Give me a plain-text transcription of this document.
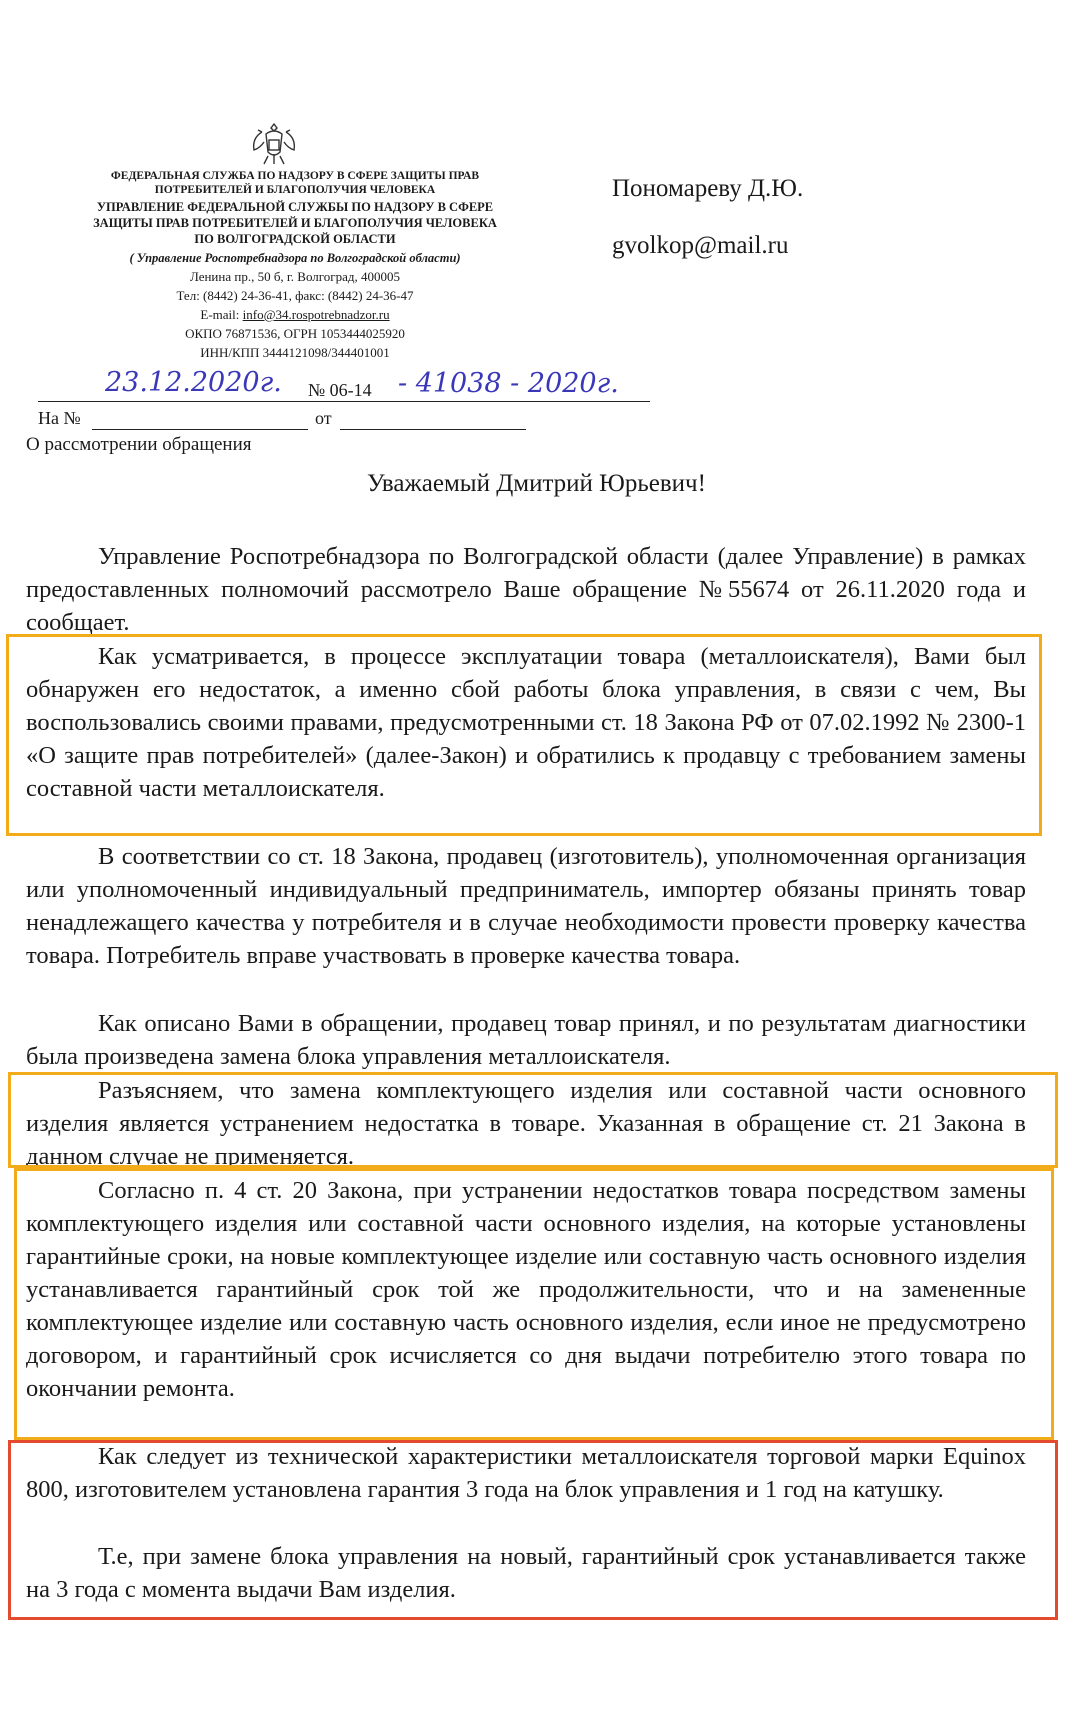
ФЕДЕРАЛЬНАЯ СЛУЖБА ПО НАДЗОРУ В СФЕРЕ ЗАЩИТЫ ПРАВ
ПОТРЕБИТЕЛЕЙ И БЛАГОПОЛУЧИЯ ЧЕЛОВЕКА
УПРАВЛЕНИЕ ФЕДЕРАЛЬНОЙ СЛУЖБЫ ПО НАДЗОРУ В СФЕРЕ
ЗАЩИТЫ ПРАВ ПОТРЕБИТЕЛЕЙ И БЛАГОПОЛУЧИЯ ЧЕЛОВЕКА
ПО ВОЛГОГРАДСКОЙ ОБЛАСТИ
( Управление Роспотребнадзора по Волгоградской области)
Ленина пр., 50 б, г. Волгоград, 400005
Тел: (8442) 24-36-41, факс: (8442) 24-36-47
E-mail: info@34.rospotrebnadzor.ru
ОКПО 76871536, ОГРН 1053444025920
ИНН/КПП 3444121098/344401001
Пономареву Д.Ю.
gvolkop@mail.ru
23.12.2020г. № 06-14 - 41038 - 2020г.
На №	от
О рассмотрении обращения
Уважаемый Дмитрий Юрьевич!

Управление Роспотребнадзора по Волгоградской области (далее Управление) в рамках предоставленных полномочий рассмотрело Ваше обращение №55674 от 26.11.2020 года и сообщает.

Как усматривается, в процессе эксплуатации товара (металлоискателя), Вами был обнаружен его недостаток, а именно сбой работы блока управления, в связи с чем, Вы воспользовались своими правами, предусмотренными ст. 18 Закона РФ от 07.02.1992 № 2300-1 «О защите прав потребителей» (далее-Закон) и обратились к продавцу с требованием замены составной части металлоискателя.

В соответствии со ст. 18 Закона, продавец (изготовитель), уполномоченная организация или уполномоченный индивидуальный предприниматель, импортер обязаны принять товар ненадлежащего качества у потребителя и в случае необходимости провести проверку качества товара. Потребитель вправе участвовать в проверке качества товара.

Как описано Вами в обращении, продавец товар принял, и по результатам диагностики была произведена замена блока управления металлоискателя.

Разъясняем, что замена комплектующего изделия или составной части основного изделия является устранением недостатка в товаре. Указанная в обращение ст. 21 Закона в данном случае не применяется.

Согласно п. 4 ст. 20 Закона, при устранении недостатков товара посредством замены комплектующего изделия или составной части основного изделия, на которые установлены гарантийные сроки, на новые комплектующее изделие или составную часть основного изделия устанавливается гарантийный срок той же продолжительности, что и на замененные комплектующее изделие или составную часть основного изделия, если иное не предусмотрено договором, и гарантийный срок исчисляется со дня выдачи потребителю этого товара по окончании ремонта.

Как следует из технической характеристики металлоискателя торговой марки Equinox 800, изготовителем установлена гарантия 3 года на блок управления и 1 год на катушку.

Т.е, при замене блока управления на новый, гарантийный срок устанавливается также на 3 года с момента выдачи Вам изделия.
